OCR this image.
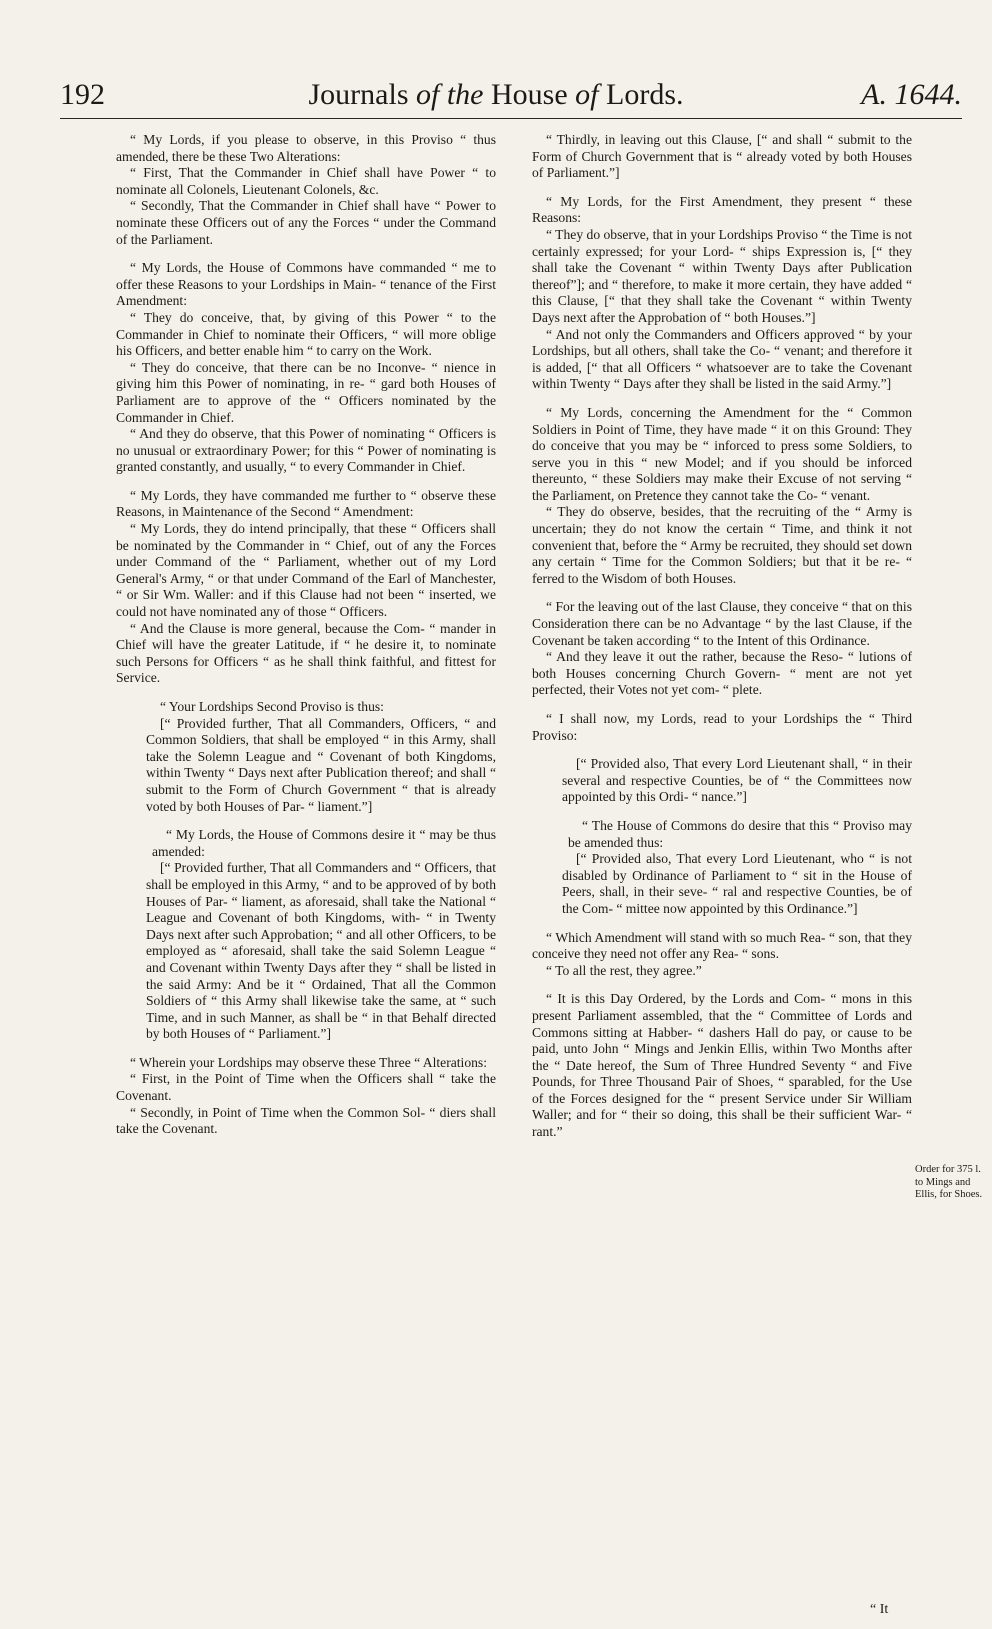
192	Journals of the House of Lords.	A. 1644.

“ My Lords, if you please to observe, in this Proviso “ thus amended, there be these Two Alterations:

“ First, That the Commander in Chief shall have Power “ to nominate all Colonels, Lieutenant Colonels, &c.

“ Secondly, That the Commander in Chief shall have “ Power to nominate these Officers out of any the Forces “ under the Command of the Parliament.

“ My Lords, the House of Commons have commanded “ me to offer these Reasons to your Lordships in Main- “ tenance of the First Amendment:

“ They do conceive, that, by giving of this Power “ to the Commander in Chief to nominate their Officers, “ will more oblige his Officers, and better enable him “ to carry on the Work.

“ They do conceive, that there can be no Inconve- “ nience in giving him this Power of nominating, in re- “ gard both Houses of Parliament are to approve of the “ Officers nominated by the Commander in Chief.

“ And they do observe, that this Power of nominating “ Officers is no unusual or extraordinary Power; for this “ Power of nominating is granted constantly, and usually, “ to every Commander in Chief.

“ My Lords, they have commanded me further to “ observe these Reasons, in Maintenance of the Second “ Amendment:

“ My Lords, they do intend principally, that these “ Officers shall be nominated by the Commander in “ Chief, out of any the Forces under Command of the “ Parliament, whether out of my Lord General's Army, “ or that under Command of the Earl of Manchester, “ or Sir Wm. Waller: and if this Clause had not been “ inserted, we could not have nominated any of those “ Officers.

“ And the Clause is more general, because the Com- “ mander in Chief will have the greater Latitude, if “ he desire it, to nominate such Persons for Officers “ as he shall think faithful, and fittest for Service.

“ Your Lordships Second Proviso is thus:

[“ Provided further, That all Commanders, Officers, “ and Common Soldiers, that shall be employed “ in this Army, shall take the Solemn League and “ Covenant of both Kingdoms, within Twenty “ Days next after Publication thereof; and shall “ submit to the Form of Church Government “ that is already voted by both Houses of Par- “ liament.”]

“ My Lords, the House of Commons desire it “ may be thus amended:

[“ Provided further, That all Commanders and “ Officers, that shall be employed in this Army, “ and to be approved of by both Houses of Par- “ liament, as aforesaid, shall take the National “ League and Covenant of both Kingdoms, with- “ in Twenty Days next after such Approbation; “ and all other Officers, to be employed as “ aforesaid, shall take the said Solemn League “ and Covenant within Twenty Days after they “ shall be listed in the said Army: And be it “ Ordained, That all the Common Soldiers of “ this Army shall likewise take the same, at “ such Time, and in such Manner, as shall be “ in that Behalf directed by both Houses of “ Parliament.”]

“ Wherein your Lordships may observe these Three “ Alterations:

“ First, in the Point of Time when the Officers shall “ take the Covenant.

“ Secondly, in Point of Time when the Common Sol- “ diers shall take the Covenant.

“ Thirdly, in leaving out this Clause, [“ and shall “ submit to the Form of Church Government that is “ already voted by both Houses of Parliament.”]

“ My Lords, for the First Amendment, they present “ these Reasons:

“ They do observe, that in your Lordships Proviso “ the Time is not certainly expressed; for your Lord- “ ships Expression is, [“ they shall take the Covenant “ within Twenty Days after Publication thereof”]; and “ therefore, to make it more certain, they have added “ this Clause, [“ that they shall take the Covenant “ within Twenty Days next after the Approbation of “ both Houses.”]

“ And not only the Commanders and Officers approved “ by your Lordships, but all others, shall take the Co- “ venant; and therefore it is added, [“ that all Officers “ whatsoever are to take the Covenant within Twenty “ Days after they shall be listed in the said Army.”]

“ My Lords, concerning the Amendment for the “ Common Soldiers in Point of Time, they have made “ it on this Ground: They do conceive that you may be “ inforced to press some Soldiers, to serve you in this “ new Model; and if you should be inforced thereunto, “ these Soldiers may make their Excuse of not serving “ the Parliament, on Pretence they cannot take the Co- “ venant.

“ They do observe, besides, that the recruiting of the “ Army is uncertain; they do not know the certain “ Time, and think it not convenient that, before the “ Army be recruited, they should set down any certain “ Time for the Common Soldiers; but that it be re- “ ferred to the Wisdom of both Houses.

“ For the leaving out of the last Clause, they conceive “ that on this Consideration there can be no Advantage “ by the last Clause, if the Covenant be taken according “ to the Intent of this Ordinance.

“ And they leave it out the rather, because the Reso- “ lutions of both Houses concerning Church Govern- “ ment are not yet perfected, their Votes not yet com- “ plete.

“ I shall now, my Lords, read to your Lordships the “ Third Proviso:

[“ Provided also, That every Lord Lieutenant shall, “ in their several and respective Counties, be of “ the Committees now appointed by this Ordi- “ nance.”]

“ The House of Commons do desire that this “ Proviso may be amended thus:

[“ Provided also, That every Lord Lieutenant, who “ is not disabled by Ordinance of Parliament to “ sit in the House of Peers, shall, in their seve- “ ral and respective Counties, be of the Com- “ mittee now appointed by this Ordinance.”]

“ Which Amendment will stand with so much Rea- “ son, that they conceive they need not offer any Rea- “ sons.

“ To all the rest, they agree.”

“ It is this Day Ordered, by the Lords and Com- “ mons in this present Parliament assembled, that the “ Committee of Lords and Commons sitting at Habber- “ dashers Hall do pay, or cause to be paid, unto John “ Mings and Jenkin Ellis, within Two Months after the “ Date hereof, the Sum of Three Hundred Seventy “ and Five Pounds, for Three Thousand Pair of Shoes, “ sparabled, for the Use of the Forces designed for the “ present Service under Sir William Waller; and for “ their so doing, this shall be their sufficient War- “ rant.”

Order for 375 l. to Mings and Ellis, for Shoes.
“ It
